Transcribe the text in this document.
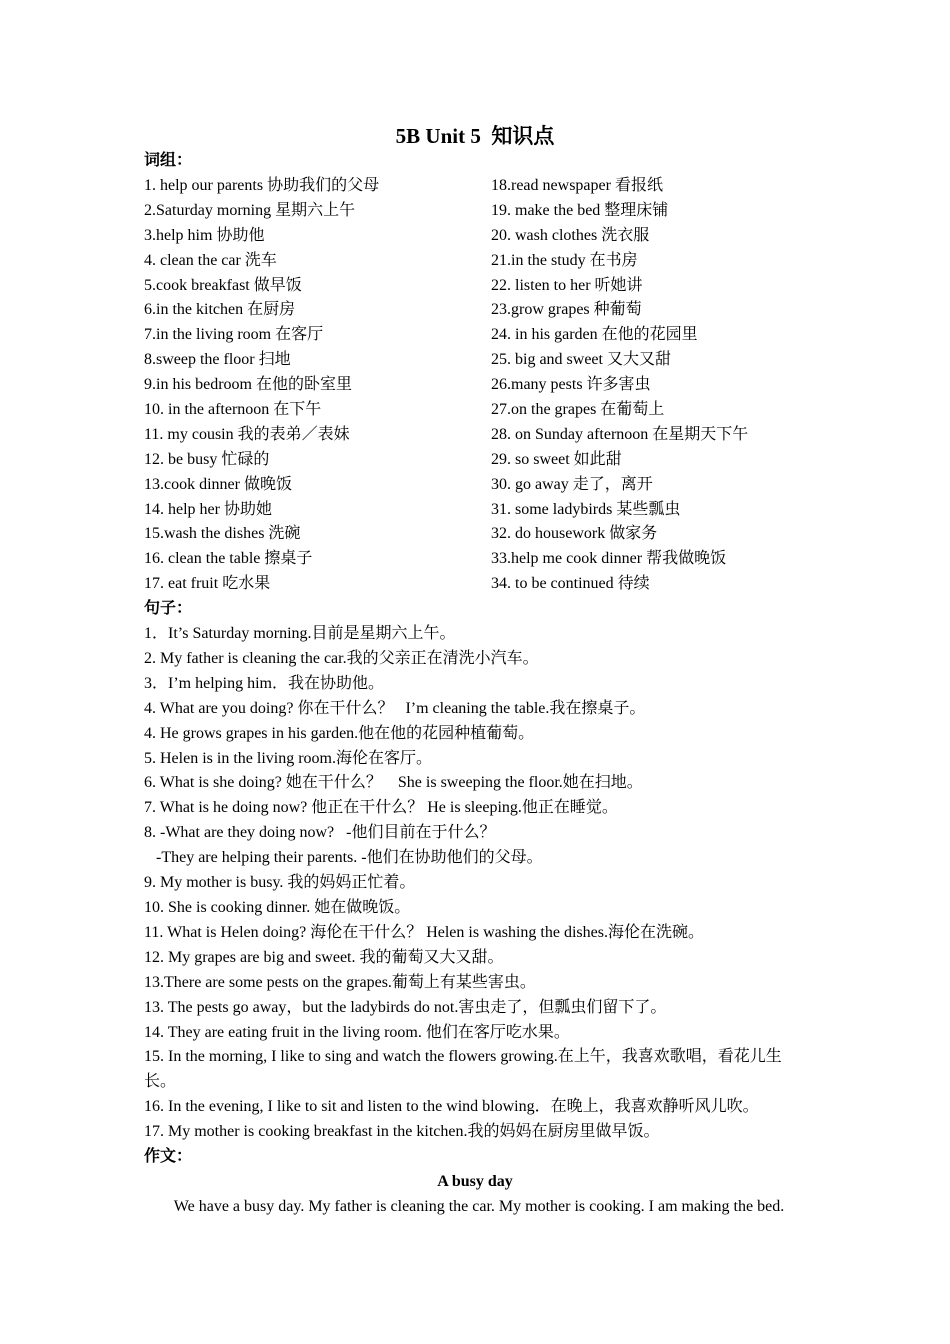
5B Unit 5  知识点
词组：
1. help our parents 协助我们的父母
2.Saturday morning 星期六上午
3.help him 协助他
4. clean the car 洗车
5.cook breakfast 做早饭
6.in the kitchen 在厨房
7.in the living room 在客厅
8.sweep the floor 扫地
9.in his bedroom 在他的卧室里
10. in the afternoon 在下午
11. my cousin 我的表弟／表妹
12. be busy 忙碌的
13.cook dinner 做晚饭
14. help her 协助她
15.wash the dishes 洗碗
16. clean the table 擦桌子
17. eat fruit 吃水果
18.read newspaper 看报纸
19. make the bed 整理床铺
20. wash clothes 洗衣服
21.in the study 在书房
22. listen to her 听她讲
23.grow grapes 种葡萄
24. in his garden 在他的花园里
25. big and sweet 又大又甜
26.many pests 许多害虫
27.on the grapes 在葡萄上
28. on Sunday afternoon 在星期天下午
29. so sweet 如此甜
30. go away 走了，离开
31. some ladybirds 某些瓢虫
32. do housework 做家务
33.help me cook dinner 帮我做晚饭
34. to be continued 待续
句子：
1．It’s Saturday morning.目前是星期六上午。
2. My father is cleaning the car.我的父亲正在清洗小汽车。
3．I’m helping him．我在协助他。
4. What are you doing? 你在干什么？   I’m cleaning the table.我在擦桌子。
4. He grows grapes in his garden.他在他的花园种植葡萄。
5. Helen is in the living room.海伦在客厅。
6. What is she doing? 她在干什么？    She is sweeping the floor.她在扫地。
7. What is he doing now? 他正在干什么？ He is sleeping.他正在睡觉。
8. -What are they doing now?   -他们目前在于什么？
-They are helping their parents. -他们在协助他们的父母。
9. My mother is busy. 我的妈妈正忙着。
10. She is cooking dinner. 她在做晚饭。
11. What is Helen doing? 海伦在干什么？ Helen is washing the dishes.海伦在洗碗。
12. My grapes are big and sweet. 我的葡萄又大又甜。
13.There are some pests on the grapes.葡萄上有某些害虫。
13. The pests go away，but the ladybirds do not.害虫走了，但瓢虫们留下了。
14. They are eating fruit in the living room. 他们在客厅吃水果。
15. In the morning, I like to sing and watch the flowers growing.在上午，我喜欢歌唱，看花儿生长。
16. In the evening, I like to sit and listen to the wind blowing．在晚上，我喜欢静听风儿吹。
17. My mother is cooking breakfast in the kitchen.我的妈妈在厨房里做早饭。
作文：
A busy day
We have a busy day. My father is cleaning the car. My mother is cooking. I am making the bed.
